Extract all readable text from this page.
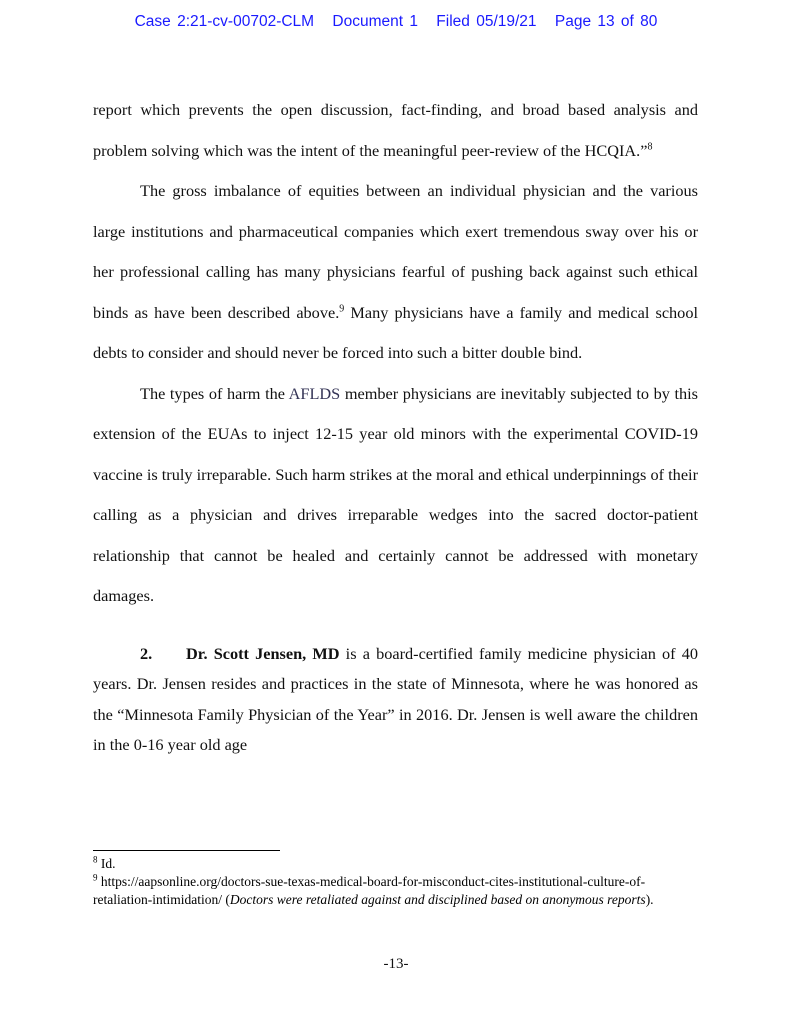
Case 2:21-cv-00702-CLM Document 1 Filed 05/19/21 Page 13 of 80

report which prevents the open discussion, fact-finding, and broad based analysis and problem solving which was the intent of the meaningful peer-review of the HCQIA.”$^8$

The gross imbalance of equities between an individual physician and the various large institutions and pharmaceutical companies which exert tremendous sway over his or her professional calling has many physicians fearful of pushing back against such ethical binds as have been described above.$^9$ Many physicians have a family and medical school debts to consider and should never be forced into such a bitter double bind.

The types of harm the AFLDS member physicians are inevitably subjected to by this extension of the EUAs to inject 12-15 year old minors with the experimental COVID-19 vaccine is truly irreparable. Such harm strikes at the moral and ethical underpinnings of their calling as a physician and drives irreparable wedges into the sacred doctor-patient relationship that cannot be healed and certainly cannot be addressed with monetary damages.

2. Dr. Scott Jensen, MD is a board-certified family medicine physician of 40 years. Dr. Jensen resides and practices in the state of Minnesota, where he was honored as the “Minnesota Family Physician of the Year” in 2016. Dr. Jensen is well aware the children in the 0-16 year old age

$^8$ Id.

$^9$ https://aapsonline.org/doctors-sue-texas-medical-board-for-misconduct-cites-institutional-culture-of-retaliation-intimidation/ (Doctors were retaliated against and disciplined based on anonymous reports).

-13-
